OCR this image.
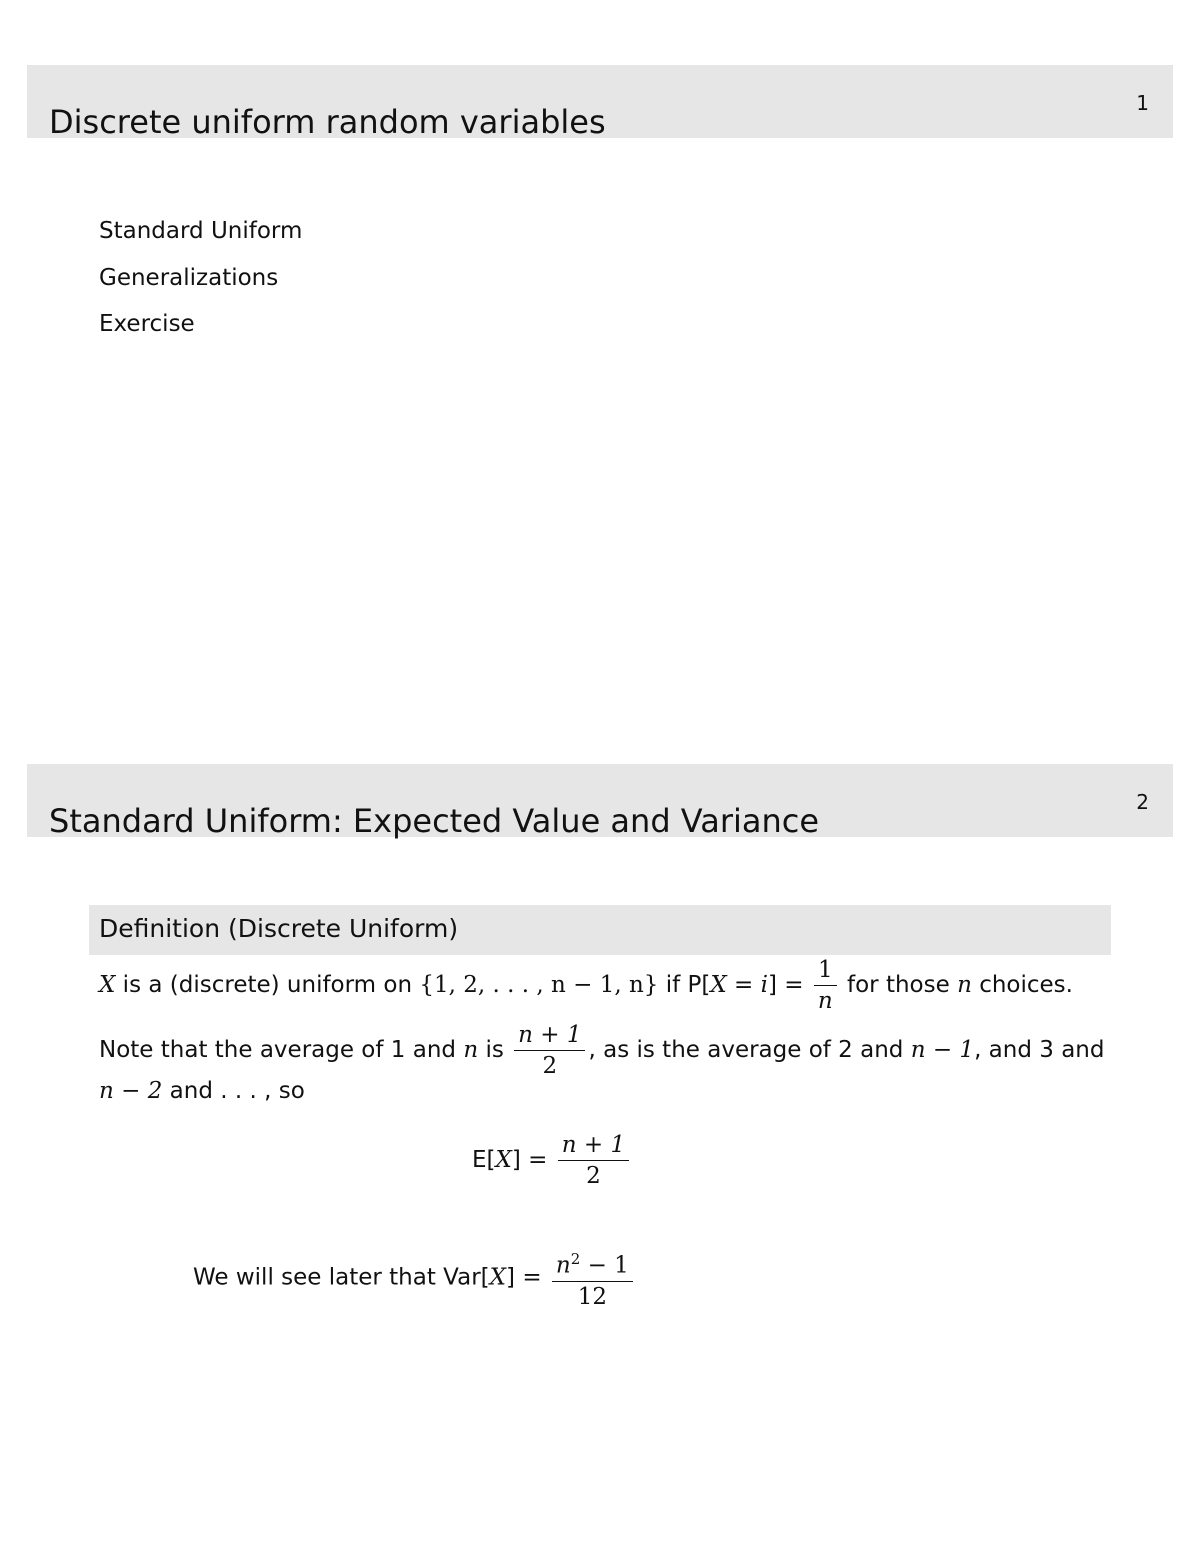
Discrete uniform random variables
1
Standard Uniform
Generalizations
Exercise
Standard Uniform: Expected Value and Variance
2
Definition (Discrete Uniform)
X is a (discrete) uniform on {1, 2, . . . , n − 1, n} if $P[X = i] = \frac{1}{n}$ for those n choices.
Note that the average of 1 and n is $\frac{n + 1}{2}$ , as is the average of 2 and n − 1, and 3 and
n − 2 and . . . , so
$E[X] = \frac{n + 1}{2}$
We will see later that $Var[X] = \frac{n^2 - 1}{12}$
